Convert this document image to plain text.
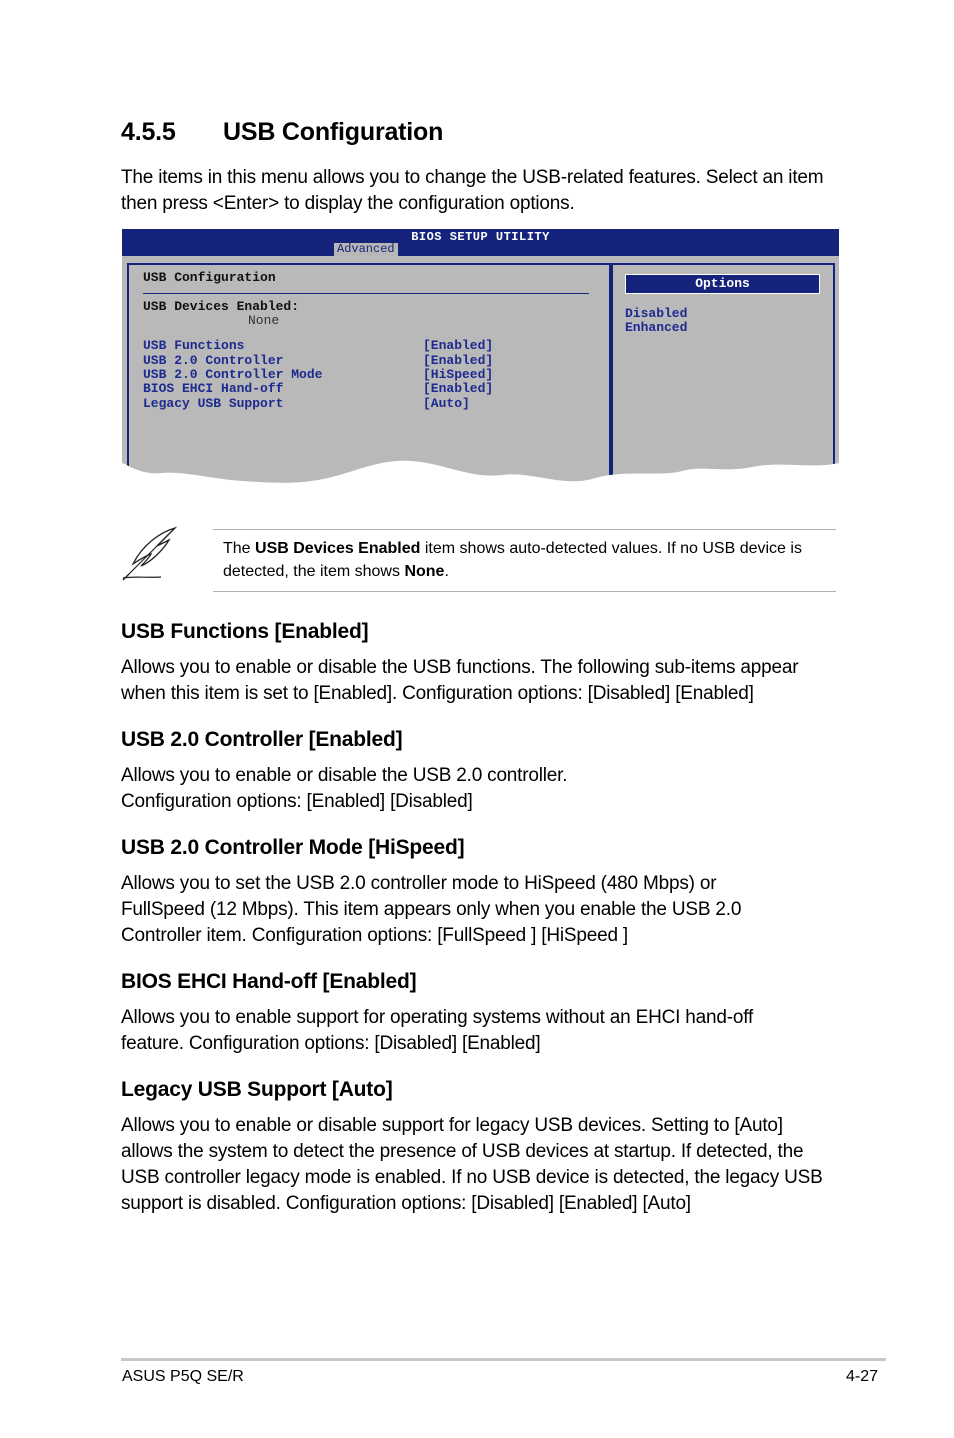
4.5.5 USB Configuration

The items in this menu allows you to change the USB-related features. Select an item then press <Enter> to display the configuration options.

BIOS SETUP UTILITY
Advanced
USB Configuration
USB Devices Enabled:
None
USB Functions	[Enabled]
USB 2.0 Controller	[Enabled]
USB 2.0 Controller Mode	[HiSpeed]
BIOS EHCI Hand-off	[Enabled]
Legacy USB Support	[Auto]
Options
Disabled
Enhanced

The USB Devices Enabled item shows auto-detected values. If no USB device is detected, the item shows None.

USB Functions [Enabled]

Allows you to enable or disable the USB functions. The following sub-items appear when this item is set to [Enabled]. Configuration options: [Disabled] [Enabled]

USB 2.0 Controller [Enabled]

Allows you to enable or disable the USB 2.0 controller.
Configuration options: [Enabled] [Disabled]

USB 2.0 Controller Mode [HiSpeed]

Allows you to set the USB 2.0 controller mode to HiSpeed (480 Mbps) or FullSpeed (12 Mbps). This item appears only when you enable the USB 2.0 Controller item. Configuration options: [FullSpeed ] [HiSpeed ]

BIOS EHCI Hand-off [Enabled]

Allows you to enable support for operating systems without an EHCI hand-off feature. Configuration options: [Disabled] [Enabled]

Legacy USB Support [Auto]

Allows you to enable or disable support for legacy USB devices. Setting to [Auto] allows the system to detect the presence of USB devices at startup. If detected, the USB controller legacy mode is enabled. If no USB device is detected, the legacy USB support is disabled. Configuration options: [Disabled] [Enabled] [Auto]

ASUS P5Q SE/R	4-27
